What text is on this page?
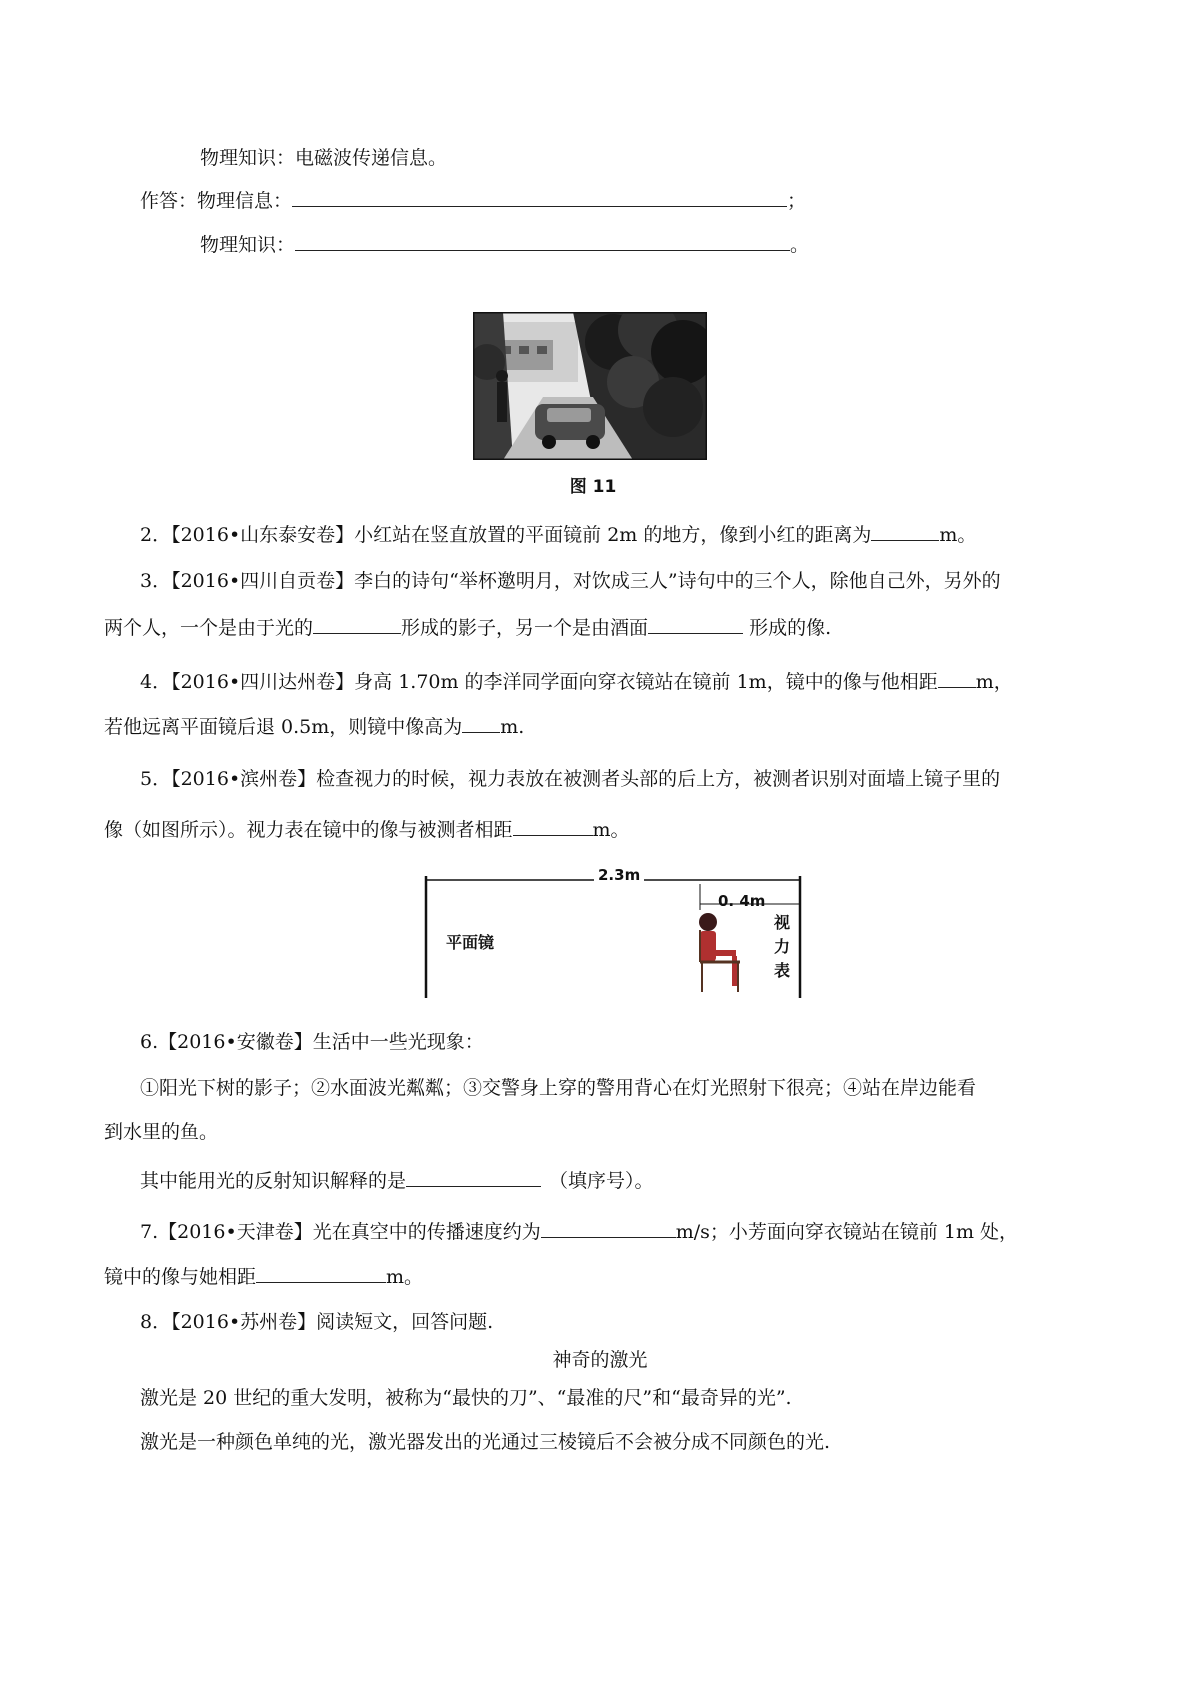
物理知识：电磁波传递信息。
作答：物理信息：	；
物理知识：	。
图 11
2．【2016•山东泰安卷】小红站在竖直放置的平面镜前 2m 的地方，像到小红的距离为	m。
3．【2016•四川自贡卷】李白的诗句“举杯邀明月，对饮成三人”诗句中的三个人，除他自己外，另外的
两个人，一个是由于光的	形成的影子，另一个是由酒面	形成的像.
4．【2016•四川达州卷】身高 1.70m 的李洋同学面向穿衣镜站在镜前 1m，镜中的像与他相距 m，
若他远离平面镜后退 0.5m，则镜中像高为 m.
5．【2016•滨州卷】检查视力的时候，视力表放在被测者头部的后上方，被测者识别对面墙上镜子里的
像（如图所示）。视力表在镜中的像与被测者相距	m。
2.3m
0. 4m
平面镜
视
力
表
6.【2016•安徽卷】生活中一些光现象：
①阳光下树的影子；②水面波光粼粼；③交警身上穿的警用背心在灯光照射下很亮；④站在岸边能看
到水里的鱼。
其中能用光的反射知识解释的是	（填序号）。
7.【2016•天津卷】光在真空中的传播速度约为	m/s；小芳面向穿衣镜站在镜前 1m 处，
镜中的像与她相距	m。
8．【2016•苏州卷】阅读短文，回答问题.
神奇的激光
激光是 20 世纪的重大发明，被称为“最快的刀”、“最准的尺”和“最奇异的光”.
激光是一种颜色单纯的光，激光器发出的光通过三棱镜后不会被分成不同颜色的光.
